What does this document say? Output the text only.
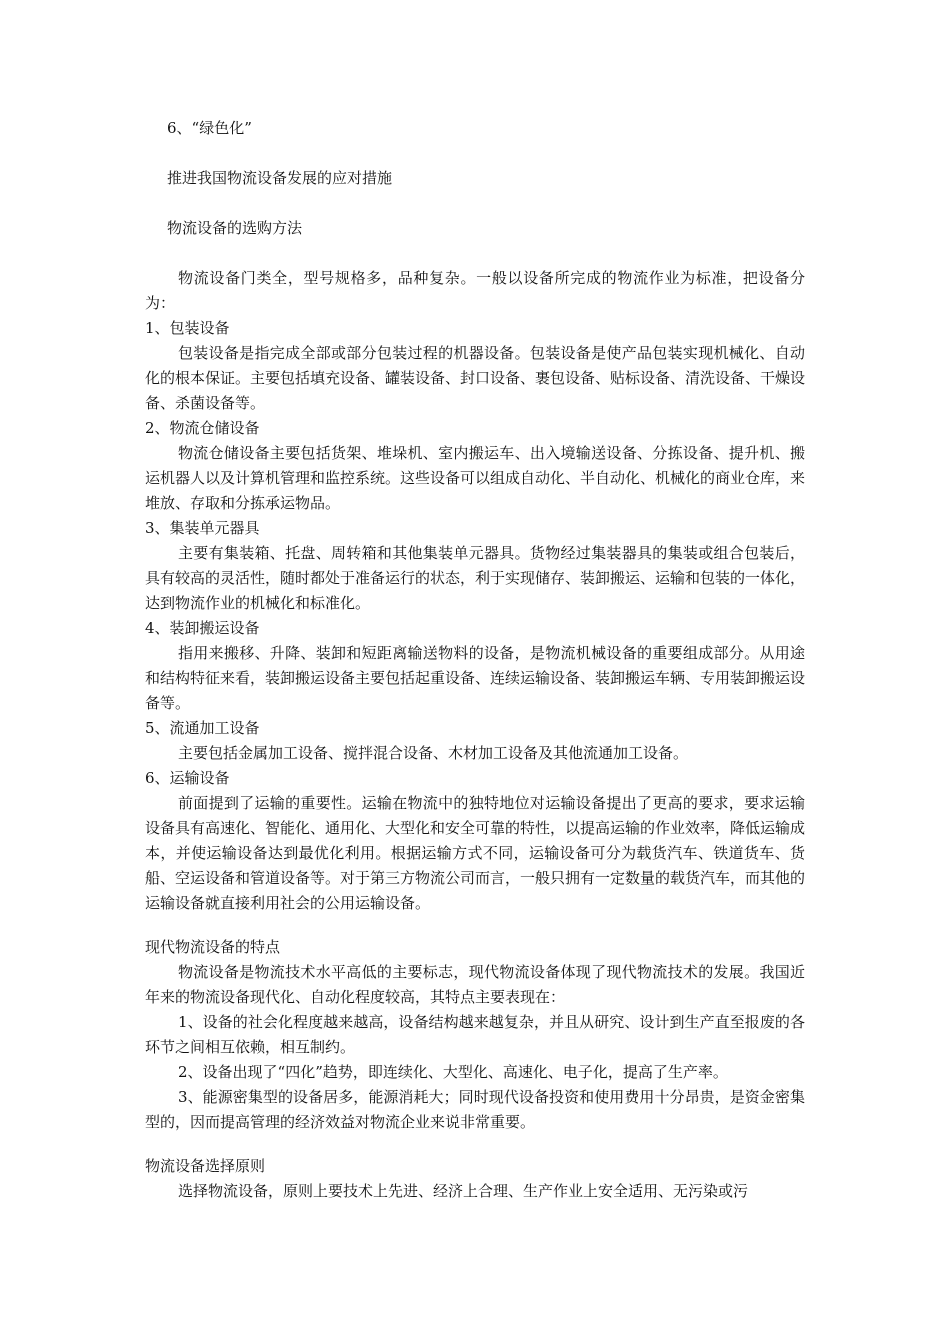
6、“绿色化”
推进我国物流设备发展的应对措施
物流设备的选购方法

物流设备门类全，型号规格多，品种复杂。一般以设备所完成的物流作业为标准，把设备分为：

1、包装设备

包装设备是指完成全部或部分包装过程的机器设备。包装设备是使产品包装实现机械化、自动化的根本保证。主要包括填充设备、罐装设备、封口设备、裹包设备、贴标设备、清洗设备、干燥设备、杀菌设备等。

2、物流仓储设备

物流仓储设备主要包括货架、堆垛机、室内搬运车、出入境输送设备、分拣设备、提升机、搬运机器人以及计算机管理和监控系统。这些设备可以组成自动化、半自动化、机械化的商业仓库，来堆放、存取和分拣承运物品。

3、集装单元器具

主要有集装箱、托盘、周转箱和其他集装单元器具。货物经过集装器具的集装或组合包装后，具有较高的灵活性，随时都处于准备运行的状态，利于实现储存、装卸搬运、运输和包装的一体化，达到物流作业的机械化和标准化。

4、装卸搬运设备

指用来搬移、升降、装卸和短距离输送物料的设备，是物流机械设备的重要组成部分。从用途和结构特征来看，装卸搬运设备主要包括起重设备、连续运输设备、装卸搬运车辆、专用装卸搬运设备等。

5、流通加工设备

主要包括金属加工设备、搅拌混合设备、木材加工设备及其他流通加工设备。

6、运输设备

前面提到了运输的重要性。运输在物流中的独特地位对运输设备提出了更高的要求，要求运输设备具有高速化、智能化、通用化、大型化和安全可靠的特性，以提高运输的作业效率，降低运输成本，并使运输设备达到最优化利用。根据运输方式不同，运输设备可分为载货汽车、铁道货车、货船、空运设备和管道设备等。对于第三方物流公司而言，一般只拥有一定数量的载货汽车，而其他的运输设备就直接利用社会的公用运输设备。

现代物流设备的特点

物流设备是物流技术水平高低的主要标志，现代物流设备体现了现代物流技术的发展。我国近年来的物流设备现代化、自动化程度较高，其特点主要表现在：

1、设备的社会化程度越来越高，设备结构越来越复杂，并且从研究、设计到生产直至报废的各环节之间相互依赖，相互制约。

2、设备出现了“四化”趋势，即连续化、大型化、高速化、电子化，提高了生产率。

3、能源密集型的设备居多，能源消耗大；同时现代设备投资和使用费用十分昂贵，是资金密集型的，因而提高管理的经济效益对物流企业来说非常重要。

物流设备选择原则

选择物流设备，原则上要技术上先进、经济上合理、生产作业上安全适用、无污染或污
